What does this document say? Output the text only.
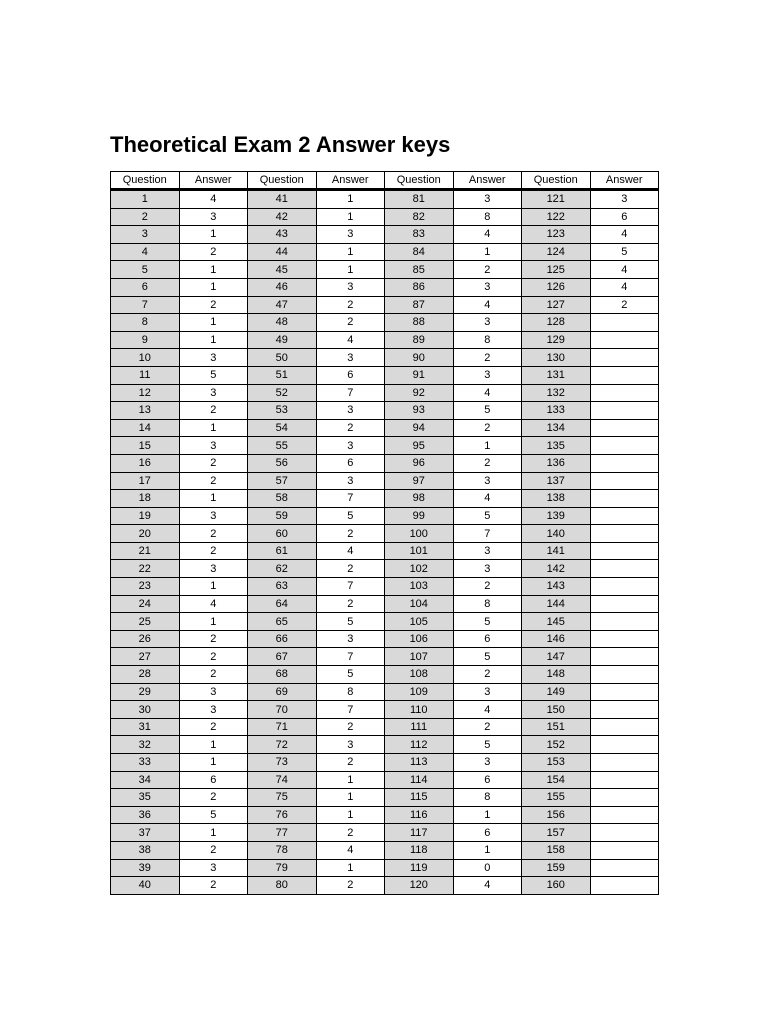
Theoretical Exam 2 Answer keys
Question	Answer	Question	Answer	Question	Answer	Question	Answer
1	4	41	1	81	3	121	3
2	3	42	1	82	8	122	6
3	1	43	3	83	4	123	4
4	2	44	1	84	1	124	5
5	1	45	1	85	2	125	4
6	1	46	3	86	3	126	4
7	2	47	2	87	4	127	2
8	1	48	2	88	3	128	
9	1	49	4	89	8	129	
10	3	50	3	90	2	130	
11	5	51	6	91	3	131	
12	3	52	7	92	4	132	
13	2	53	3	93	5	133	
14	1	54	2	94	2	134	
15	3	55	3	95	1	135	
16	2	56	6	96	2	136	
17	2	57	3	97	3	137	
18	1	58	7	98	4	138	
19	3	59	5	99	5	139	
20	2	60	2	100	7	140	
21	2	61	4	101	3	141	
22	3	62	2	102	3	142	
23	1	63	7	103	2	143	
24	4	64	2	104	8	144	
25	1	65	5	105	5	145	
26	2	66	3	106	6	146	
27	2	67	7	107	5	147	
28	2	68	5	108	2	148	
29	3	69	8	109	3	149	
30	3	70	7	110	4	150	
31	2	71	2	111	2	151	
32	1	72	3	112	5	152	
33	1	73	2	113	3	153	
34	6	74	1	114	6	154	
35	2	75	1	115	8	155	
36	5	76	1	116	1	156	
37	1	77	2	117	6	157	
38	2	78	4	118	1	158	
39	3	79	1	119	0	159	
40	2	80	2	120	4	160	
